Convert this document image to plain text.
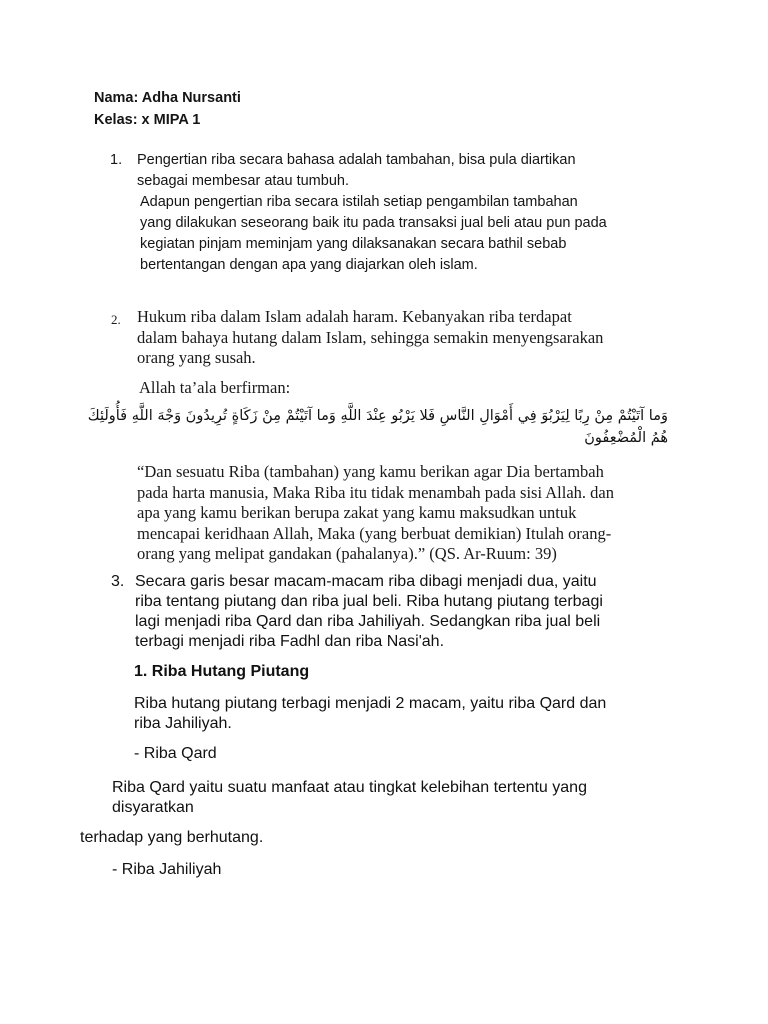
Nama: Adha Nursanti
Kelas: x MIPA 1
1. Pengertian riba secara bahasa adalah tambahan, bisa pula diartikan
sebagai membesar atau tumbuh.
Adapun pengertian riba secara istilah setiap pengambilan tambahan
yang dilakukan seseorang baik itu pada transaksi jual beli atau pun pada
kegiatan pinjam meminjam yang dilaksanakan secara bathil sebab
bertentangan dengan apa yang diajarkan oleh islam.
2. Hukum riba dalam Islam adalah haram. Kebanyakan riba terdapat
dalam bahaya hutang dalam Islam, sehingga semakin menyengsarakan
orang yang susah.
Allah ta’ala berfirman:
وَما آتَيْتُمْ مِنْ رِبًا لِيَرْبُوَ فِي أَمْوَالِ النَّاسِ فَلا يَرْبُو عِنْدَ اللَّهِ وَما آتَيْتُمْ مِنْ زَكَاةٍ تُرِيدُونَ وَجْهَ اللَّهِ فَأُولَئِكَ
هُمُ الْمُضْعِفُونَ
“Dan sesuatu Riba (tambahan) yang kamu berikan agar Dia bertambah
pada harta manusia, Maka Riba itu tidak menambah pada sisi Allah. dan
apa yang kamu berikan berupa zakat yang kamu maksudkan untuk
mencapai keridhaan Allah, Maka (yang berbuat demikian) Itulah orang-
orang yang melipat gandakan (pahalanya).” (QS. Ar-Ruum: 39)
3. Secara garis besar macam-macam riba dibagi menjadi dua, yaitu
riba tentang piutang dan riba jual beli. Riba hutang piutang terbagi
lagi menjadi riba Qard dan riba Jahiliyah. Sedangkan riba jual beli
terbagi menjadi riba Fadhl dan riba Nasi'ah.
1. Riba Hutang Piutang
Riba hutang piutang terbagi menjadi 2 macam, yaitu riba Qard dan
riba Jahiliyah.
- Riba Qard
Riba Qard yaitu suatu manfaat atau tingkat kelebihan tertentu yang
disyaratkan
terhadap yang berhutang.
- Riba Jahiliyah
